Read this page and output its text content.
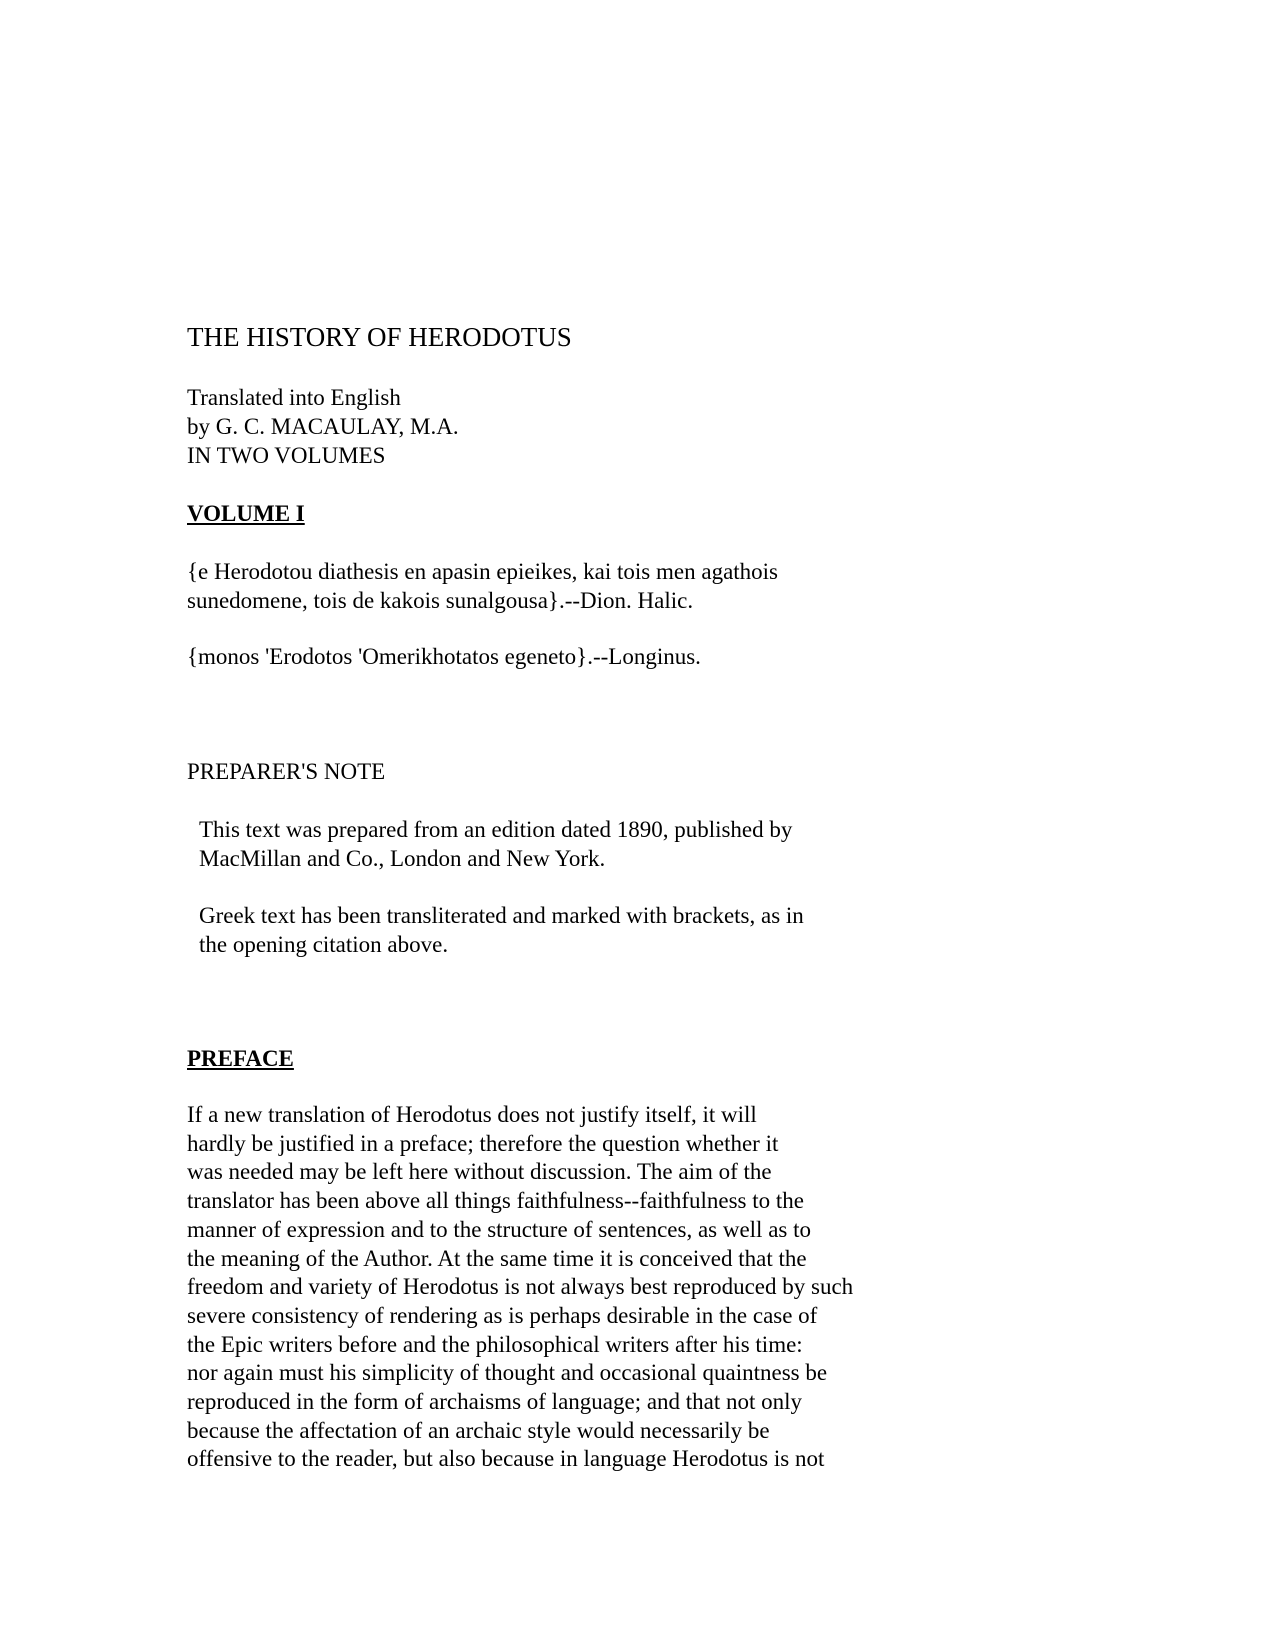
THE HISTORY OF HERODOTUS
Translated into English
by G. C. MACAULAY, M.A.
IN TWO VOLUMES
VOLUME I
{e Herodotou diathesis en apasin epieikes, kai tois men agathois
sunedomene, tois de kakois sunalgousa}.--Dion. Halic.
{monos 'Erodotos 'Omerikhotatos egeneto}.--Longinus.
PREPARER'S NOTE
This text was prepared from an edition dated 1890, published by
MacMillan and Co., London and New York.
Greek text has been transliterated and marked with brackets, as in
the opening citation above.
PREFACE
If a new translation of Herodotus does not justify itself, it will
hardly be justified in a preface; therefore the question whether it
was needed may be left here without discussion. The aim of the
translator has been above all things faithfulness--faithfulness to the
manner of expression and to the structure of sentences, as well as to
the meaning of the Author. At the same time it is conceived that the
freedom and variety of Herodotus is not always best reproduced by such
severe consistency of rendering as is perhaps desirable in the case of
the Epic writers before and the philosophical writers after his time:
nor again must his simplicity of thought and occasional quaintness be
reproduced in the form of archaisms of language; and that not only
because the affectation of an archaic style would necessarily be
offensive to the reader, but also because in language Herodotus is not
